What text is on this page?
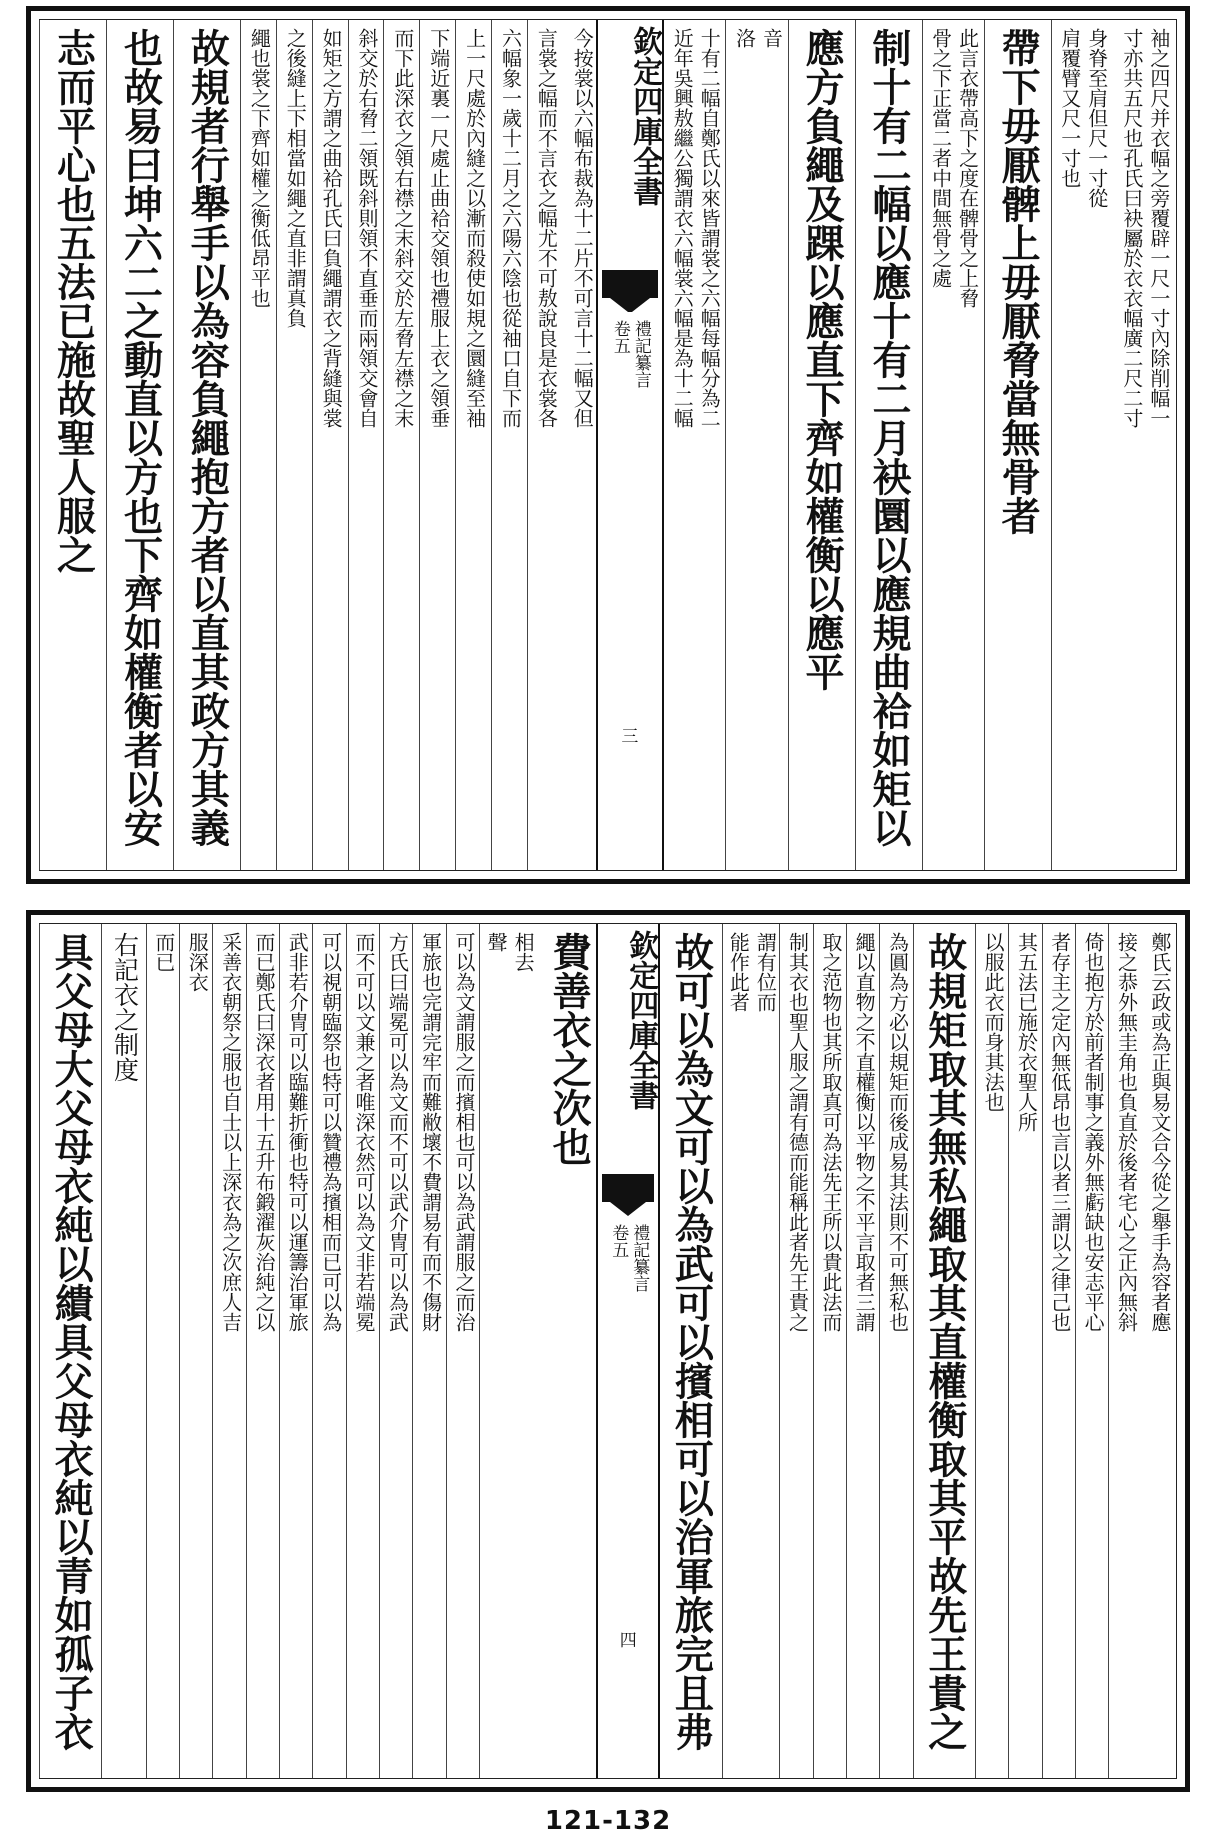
袖之四尺并衣幅之旁覆辟一尺一寸內除削幅一
寸亦共五尺也孔氏曰袂屬於衣衣幅廣二尺二寸
身脊至肩但尺一寸從
肩覆臂又尺一寸也
帶下毋厭髀上毋厭脅當無骨者
此言衣帶高下之度在髀骨之上脅
骨之下正當二者中間無骨之處
制十有二幅以應十有二月袂圜以應規曲袷如矩以
應方負繩及踝以應直下齊如權衡以應平
音
洛
十有二幅自鄭氏以來皆謂裳之六幅每幅分為二
近年吳興敖繼公獨謂衣六幅裳六幅是為十二幅
欽定四庫全書
禮記纂言
卷五
三
今按裳以六幅布裁為十二片不可言十二幅又但
言裳之幅而不言衣之幅尤不可敖說良是衣裳各
六幅象一歲十二月之六陽六陰也從袖口自下而
上一尺處於內縫之以漸而殺使如規之圜縫至袖
下端近裏一尺處止曲袷交領也禮服上衣之領垂
而下此深衣之領右襟之末斜交於左脅左襟之末
斜交於右脅二領既斜則領不直垂而兩領交會自
如矩之方謂之曲袷孔氏曰負繩謂衣之背縫與裳
之後縫上下相當如繩之直非謂真負
繩也裳之下齊如權之衡低昂平也
故規者行舉手以為容負繩抱方者以直其政方其義
也故易曰坤六二之動直以方也下齊如權衡者以安
志而平心也五法已施故聖人服之
鄭氏云政或為正與易文合今從之舉手為容者應
接之恭外無圭角也負直於後者宅心之正內無斜
倚也抱方於前者制事之義外無虧缺也安志平心
者存主之定內無低昂也言以者三謂以之律己也
其五法已施於衣聖人所
以服此衣而身其法也
故規矩取其無私繩取其直權衡取其平故先王貴之
為圓為方必以規矩而後成易其法則不可無私也
繩以直物之不直權衡以平物之不平言取者三謂
取之范物也其所取真可為法先王所以貴此法而
制其衣也聖人服之謂有德而能稱此者先王貴之
謂有位而
能作此者
故可以為文可以為武可以擯相可以治軍旅完且弗
欽定四庫全書
禮記纂言
卷五
四
費善衣之次也
相去
聲
可以為文謂服之而擯相也可以為武謂服之而治
軍旅也完謂完牢而難敝壞不費謂易有而不傷財
方氏曰端冕可以為文而不可以武介冑可以為武
而不可以文兼之者唯深衣然可以為文非若端冕
可以視朝臨祭也特可以贊禮為擯相而已可以為
武非若介冑可以臨難折衝也特可以運籌治軍旅
而已鄭氏曰深衣者用十五升布鍛濯灰治純之以
采善衣朝祭之服也自士以上深衣為之次庶人吉
服深衣
而已
右記衣之制度
具父母大父母衣純以繢具父母衣純以青如孤子衣
121-132
